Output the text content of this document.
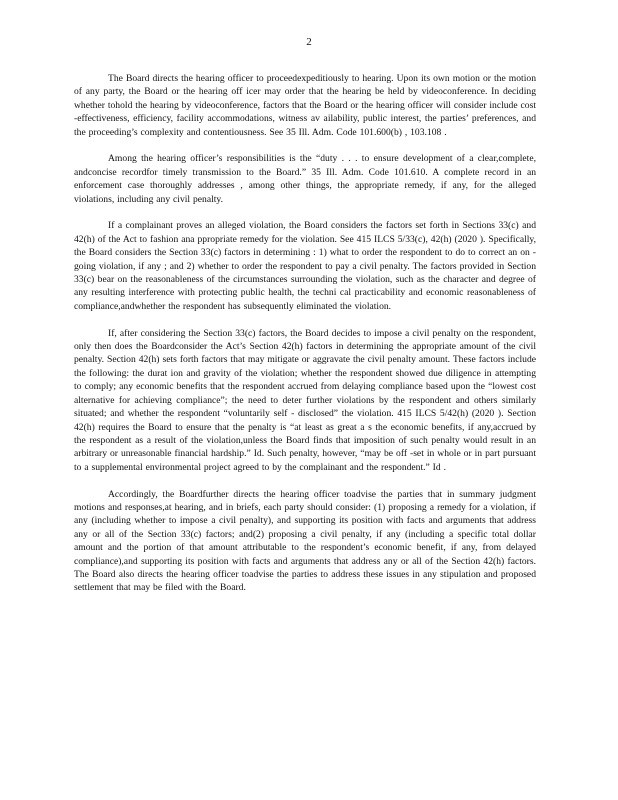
2

The Board directs the hearing officer to proceedexpeditiously to hearing. Upon its own motion or the motion of any party, the Board or the hearing off icer may order that the hearing be held by videoconference. In deciding whether tohold the hearing by videoconference, factors that the Board or the hearing officer will consider include cost -effectiveness, efficiency, facility accommodations, witness av ailability, public interest, the parties’ preferences, and the proceeding’s complexity and contentiousness. See 35 Ill. Adm. Code 101.600(b) , 103.108 .

Among the hearing officer’s responsibilities is the “duty . . . to ensure development of a clear,complete, andconcise recordfor timely transmission to the Board.” 35 Ill. Adm. Code 101.610. A complete record in an enforcement case thoroughly addresses , among other things, the appropriate remedy, if any, for the alleged violations, including any civil penalty.

If a complainant proves an alleged violation, the Board considers the factors set forth in Sections 33(c) and 42(h) of the Act to fashion ana ppropriate remedy for the violation. See 415 ILCS 5/33(c), 42(h) (2020 ). Specifically, the Board considers the Section 33(c) factors in determining : 1) what to order the respondent to do to correct an on - going violation, if any ; and 2) whether to order the respondent to pay a civil penalty. The factors provided in Section 33(c) bear on the reasonableness of the circumstances surrounding the violation, such as the character and degree of any resulting interference with protecting public health, the techni cal practicability and economic reasonableness of compliance,andwhether the respondent has subsequently eliminated the violation.

If, after considering the Section 33(c) factors, the Board decides to impose a civil penalty on the respondent, only then does the Boardconsider the Act’s Section 42(h) factors in determining the appropriate amount of the civil penalty. Section 42(h) sets forth factors that may mitigate or aggravate the civil penalty amount. These factors include the following: the durat ion and gravity of the violation; whether the respondent showed due diligence in attempting to comply; any economic benefits that the respondent accrued from delaying compliance based upon the “lowest cost alternative for achieving compliance”; the need to deter further violations by the respondent and others similarly situated; and whether the respondent “voluntarily self - disclosed” the violation. 415 ILCS 5/42(h) (2020 ). Section 42(h) requires the Board to ensure that the penalty is “at least as great a s the economic benefits, if any,accrued by the respondent as a result of the violation,unless the Board finds that imposition of such penalty would result in an arbitrary or unreasonable financial hardship.” Id. Such penalty, however, “may be off -set in whole or in part pursuant to a supplemental environmental project agreed to by the complainant and the respondent.” Id .

Accordingly, the Boardfurther directs the hearing officer toadvise the parties that in summary judgment motions and responses,at hearing, and in briefs, each party should consider: (1) proposing a remedy for a violation, if any (including whether to impose a civil penalty), and supporting its position with facts and arguments that address any or all of the Section 33(c) factors; and(2) proposing a civil penalty, if any (including a specific total dollar amount and the portion of that amount attributable to the respondent’s economic benefit, if any, from delayed compliance),and supporting its position with facts and arguments that address any or all of the Section 42(h) factors. The Board also directs the hearing officer toadvise the parties to address these issues in any stipulation and proposed settlement that may be filed with the Board.
